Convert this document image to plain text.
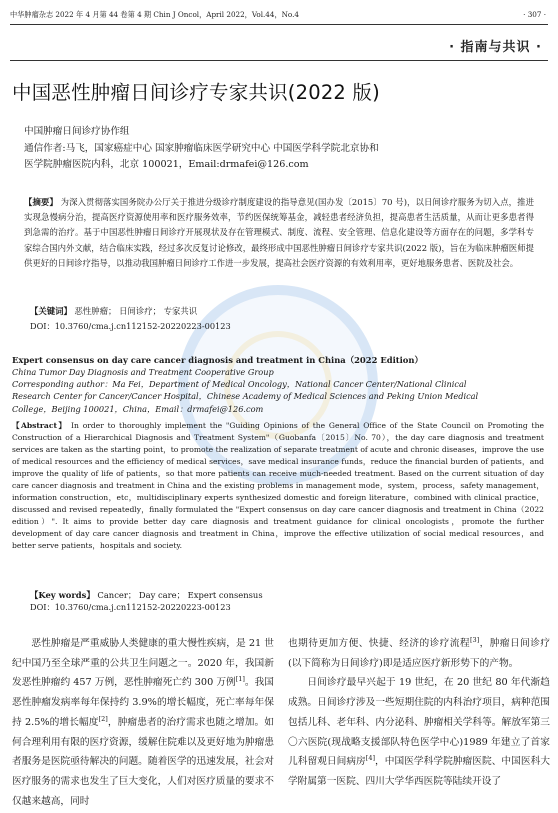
中华肿瘤杂志 2022 年 4 月第 44 卷第 4 期 Chin J Oncol，April 2022，Vol.44，No.4	· 307 ·
· 指南与共识 ·
中国恶性肿瘤日间诊疗专家共识(2022 版)
中国肿瘤日间诊疗协作组
通信作者:马飞，国家癌症中心 国家肿瘤临床医学研究中心 中国医学科学院北京协和
医学院肿瘤医院内科，北京 100021，Email:drmafei@126.com
【摘要】 为深入贯彻落实国务院办公厅关于推进分级诊疗制度建设的指导意见(国办发〔2015〕70 号)，以日间诊疗服务为切入点，推进实现急慢病分治，提高医疗资源使用率和医疗服务效率，节约医保统筹基金，减轻患者经济负担，提高患者生活质量，从而让更多患者得到急需的治疗。基于中国恶性肿瘤日间诊疗开展现状及存在管理模式、制度、流程、安全管理、信息化建设等方面存在的问题，多学科专家综合国内外文献，结合临床实践，经过多次反复讨论修改，最终形成中国恶性肿瘤日间诊疗专家共识(2022 版)，旨在为临床肿瘤医师提供更好的日间诊疗指导，以推动我国肿瘤日间诊疗工作进一步发展，提高社会医疗资源的有效利用率，更好地服务患者、医院及社会。
【关键词】 恶性肿瘤； 日间诊疗； 专家共识
DOI：10.3760/cma.j.cn112152-20220223-00123
Expert consensus on day care cancer diagnosis and treatment in China（2022 Edition）
China Tumor Day Diagnosis and Treatment Cooperative Group
Corresponding author：Ma Fei，Department of Medical Oncology，National Cancer Center/National Clinical
Research Center for Cancer/Cancer Hospital，Chinese Academy of Medical Sciences and Peking Union Medical
College，Beijing 100021，China，Email：drmafei@126.com
【Abstract】 In order to thoroughly implement the "Guiding Opinions of the General Office of the State Council on Promoting the Construction of a Hierarchical Diagnosis and Treatment System"（Guobanfa〔2015〕No. 70），the day care diagnosis and treatment services are taken as the starting point，to promote the realization of separate treatment of acute and chronic diseases，improve the use of medical resources and the efficiency of medical services，save medical insurance funds，reduce the financial burden of patients，and improve the quality of life of patients，so that more patients can receive much-needed treatment. Based on the current situation of day care cancer diagnosis and treatment in China and the existing problems in management mode，system，process，safety management，information construction，etc，multidisciplinary experts synthesized domestic and foreign literature，combined with clinical practice，discussed and revised repeatedly，finally formulated the "Expert consensus on day care cancer diagnosis and treatment in China（2022 edition）". It aims to provide better day care diagnosis and treatment guidance for clinical oncologists，promote the further development of day care cancer diagnosis and treatment in China，improve the effective utilization of social medical resources，and better serve patients，hospitals and society.
【Key words】 Cancer； Day care； Expert consensus
DOI：10.3760/cma.j.cn112152-20220223-00123

恶性肿瘤是严重威胁人类健康的重大慢性疾病，是 21 世纪中国乃至全球严重的公共卫生问题之一。2020 年，我国新发恶性肿瘤约 457 万例，恶性肿瘤死亡约 300 万例[1]。我国恶性肿瘤发病率每年保持约 3.9%的增长幅度，死亡率每年保持 2.5%的增长幅度[2]，肿瘤患者的治疗需求也随之增加。如何合理利用有限的医疗资源，缓解住院难以及更好地为肿瘤患者服务是医院亟待解决的问题。随着医学的迅速发展，社会对医疗服务的需求也发生了巨大变化，人们对医疗质量的要求不仅越来越高，同时

也期待更加方便、快捷、经济的诊疗流程[3]，肿瘤日间诊疗(以下简称为日间诊疗)即是适应医疗新形势下的产物。

日间诊疗最早兴起于 19 世纪，在 20 世纪 80 年代渐趋成熟。日间诊疗涉及一些短期住院的内科治疗项目，病种范围包括儿科、老年科、内分泌科、肿瘤相关学科等。解放军第三〇六医院(现战略支援部队特色医学中心)1989 年建立了首家儿科留观日间病房[4]，中国医学科学院肿瘤医院、中国医科大学附属第一医院、四川大学华西医院等陆续开设了
